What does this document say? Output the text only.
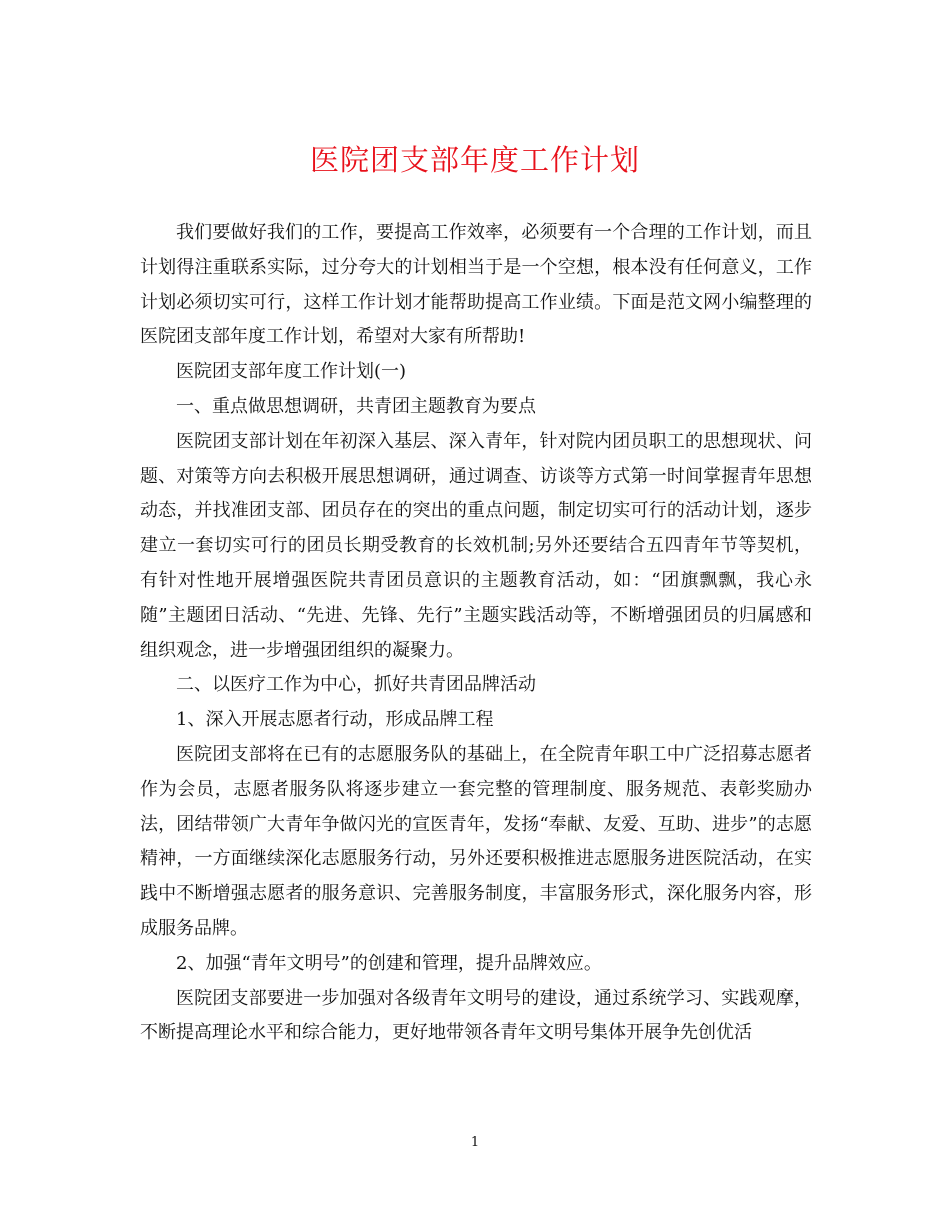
医院团支部年度工作计划

我们要做好我们的工作，要提高工作效率，必须要有一个合理的工作计划，而且计划得注重联系实际，过分夸大的计划相当于是一个空想，根本没有任何意义，工作计划必须切实可行，这样工作计划才能帮助提高工作业绩。下面是范文网小编整理的医院团支部年度工作计划，希望对大家有所帮助!

医院团支部年度工作计划(一)

一、重点做思想调研，共青团主题教育为要点

医院团支部计划在年初深入基层、深入青年，针对院内团员职工的思想现状、问题、对策等方向去积极开展思想调研，通过调查、访谈等方式第一时间掌握青年思想动态，并找准团支部、团员存在的突出的重点问题，制定切实可行的活动计划，逐步建立一套切实可行的团员长期受教育的长效机制;另外还要结合五四青年节等契机，有针对性地开展增强医院共青团员意识的主题教育活动，如：“团旗飘飘，我心永随”主题团日活动、“先进、先锋、先行”主题实践活动等，不断增强团员的归属感和组织观念，进一步增强团组织的凝聚力。

二、以医疗工作为中心，抓好共青团品牌活动

1、深入开展志愿者行动，形成品牌工程

医院团支部将在已有的志愿服务队的基础上，在全院青年职工中广泛招募志愿者作为会员，志愿者服务队将逐步建立一套完整的管理制度、服务规范、表彰奖励办法，团结带领广大青年争做闪光的宣医青年，发扬“奉献、友爱、互助、进步”的志愿精神，一方面继续深化志愿服务行动，另外还要积极推进志愿服务进医院活动，在实践中不断增强志愿者的服务意识、完善服务制度，丰富服务形式，深化服务内容，形成服务品牌。

2、加强“青年文明号”的创建和管理，提升品牌效应。

医院团支部要进一步加强对各级青年文明号的建设，通过系统学习、实践观摩，不断提高理论水平和综合能力，更好地带领各青年文明号集体开展争先创优活

1
